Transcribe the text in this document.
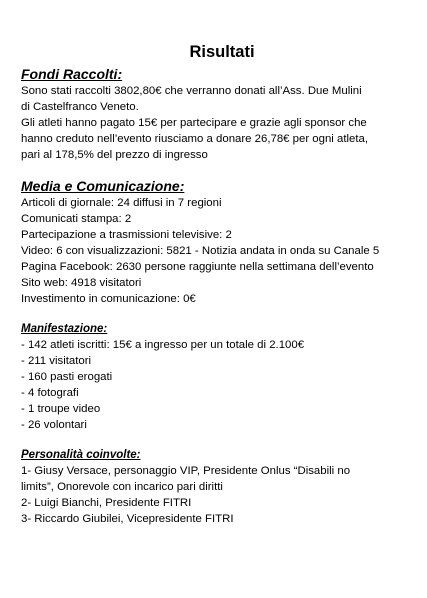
Risultati
Fondi Raccolti:
Sono stati raccolti 3802,80€ che verranno donati all’Ass. Due Mulini
di Castelfranco Veneto.
Gli atleti hanno pagato 15€ per partecipare e grazie agli sponsor che
hanno creduto nell’evento riusciamo a donare 26,78€ per ogni atleta,
pari al 178,5% del prezzo di ingresso
Media e Comunicazione:
Articoli di giornale: 24 diffusi in 7 regioni
Comunicati stampa: 2
Partecipazione a trasmissioni televisive: 2
Video: 6 con visualizzazioni: 5821 - Notizia andata in onda su Canale 5
Pagina Facebook: 2630 persone raggiunte nella settimana dell’evento
Sito web: 4918 visitatori
Investimento in comunicazione: 0€
Manifestazione:
- 142 atleti iscritti: 15€ a ingresso per un totale di 2.100€
- 211 visitatori
- 160 pasti erogati
- 4 fotografi
- 1 troupe video
- 26 volontari
Personalità coinvolte:
1- Giusy Versace, personaggio VIP, Presidente Onlus “Disabili no
limits”, Onorevole con incarico pari diritti
2- Luigi Bianchi, Presidente FITRI
3- Riccardo Giubilei, Vicepresidente FITRI
